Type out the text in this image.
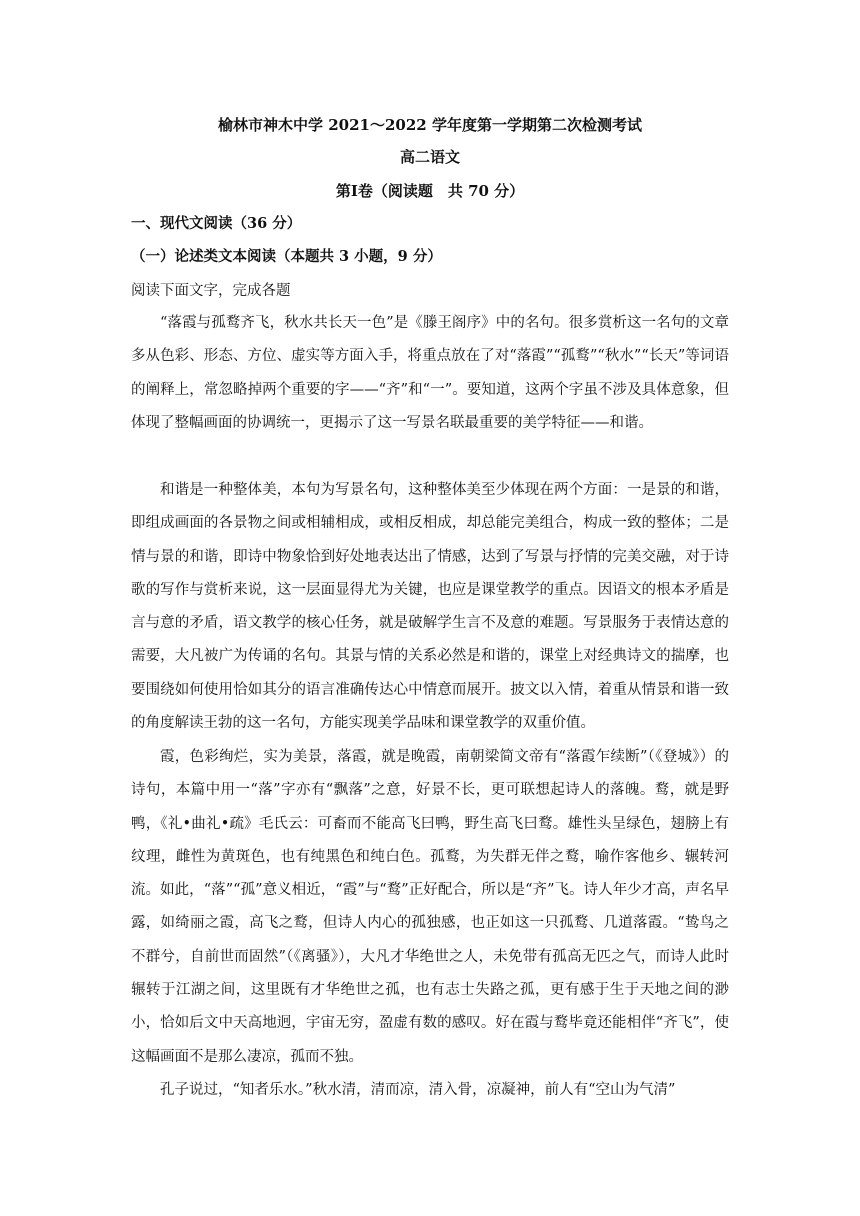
榆林市神木中学 2021～2022 学年度第一学期第二次检测考试
高二语文
第Ⅰ卷（阅读题　共 70 分）
一、现代文阅读（36 分）
（一）论述类文本阅读（本题共 3 小题，9 分）
阅读下面文字，完成各题

“落霞与孤鹜齐飞，秋水共长天一色”是《滕王阁序》中的名句。很多赏析这一名句的文章多从色彩、形态、方位、虚实等方面入手，将重点放在了对“落霞”“孤鹜”“秋水”“长天”等词语的阐释上，常忽略掉两个重要的字——“齐”和“一”。要知道，这两个字虽不涉及具体意象，但体现了整幅画面的协调统一，更揭示了这一写景名联最重要的美学特征——和谐。

和谐是一种整体美，本句为写景名句，这种整体美至少体现在两个方面：一是景的和谐，即组成画面的各景物之间或相辅相成，或相反相成，却总能完美组合，构成一致的整体；二是情与景的和谐，即诗中物象恰到好处地表达出了情感，达到了写景与抒情的完美交融，对于诗歌的写作与赏析来说，这一层面显得尤为关键，也应是课堂教学的重点。因语文的根本矛盾是言与意的矛盾，语文教学的核心任务，就是破解学生言不及意的难题。写景服务于表情达意的需要，大凡被广为传诵的名句。其景与情的关系必然是和谐的，课堂上对经典诗文的揣摩，也要围绕如何使用恰如其分的语言准确传达心中情意而展开。披文以入情，着重从情景和谐一致的角度解读王勃的这一名句，方能实现美学品味和课堂教学的双重价值。

霞，色彩绚烂，实为美景，落霞，就是晚霞，南朝梁简文帝有“落霞乍续断”（《登城》）的诗句，本篇中用一“落”字亦有“飘落”之意，好景不长，更可联想起诗人的落魄。鹜，就是野鸭，《礼•曲礼•疏》毛氏云：可畜而不能高飞曰鸭，野生高飞曰鹜。雄性头呈绿色，翅膀上有纹理，雌性为黄斑色，也有纯黑色和纯白色。孤鹜，为失群无伴之鹜，喻作客他乡、辗转河流。如此，“落”“孤”意义相近，“霞”与“鹜”正好配合，所以是“齐”飞。诗人年少才高，声名早露，如绮丽之霞，高飞之鹜，但诗人内心的孤独感，也正如这一只孤鹜、几道落霞。“鸷鸟之不群兮，自前世而固然”（《离骚》），大凡才华绝世之人，未免带有孤高无匹之气，而诗人此时辗转于江湖之间，这里既有才华绝世之孤，也有志士失路之孤，更有感于生于天地之间的渺小，恰如后文中天高地迥，宇宙无穷，盈虚有数的感叹。好在霞与鹜毕竟还能相伴“齐飞”，使这幅画面不是那么凄凉，孤而不独。

孔子说过，“知者乐水。”秋水清，清而凉，清入骨，凉凝神，前人有“空山为气清”
